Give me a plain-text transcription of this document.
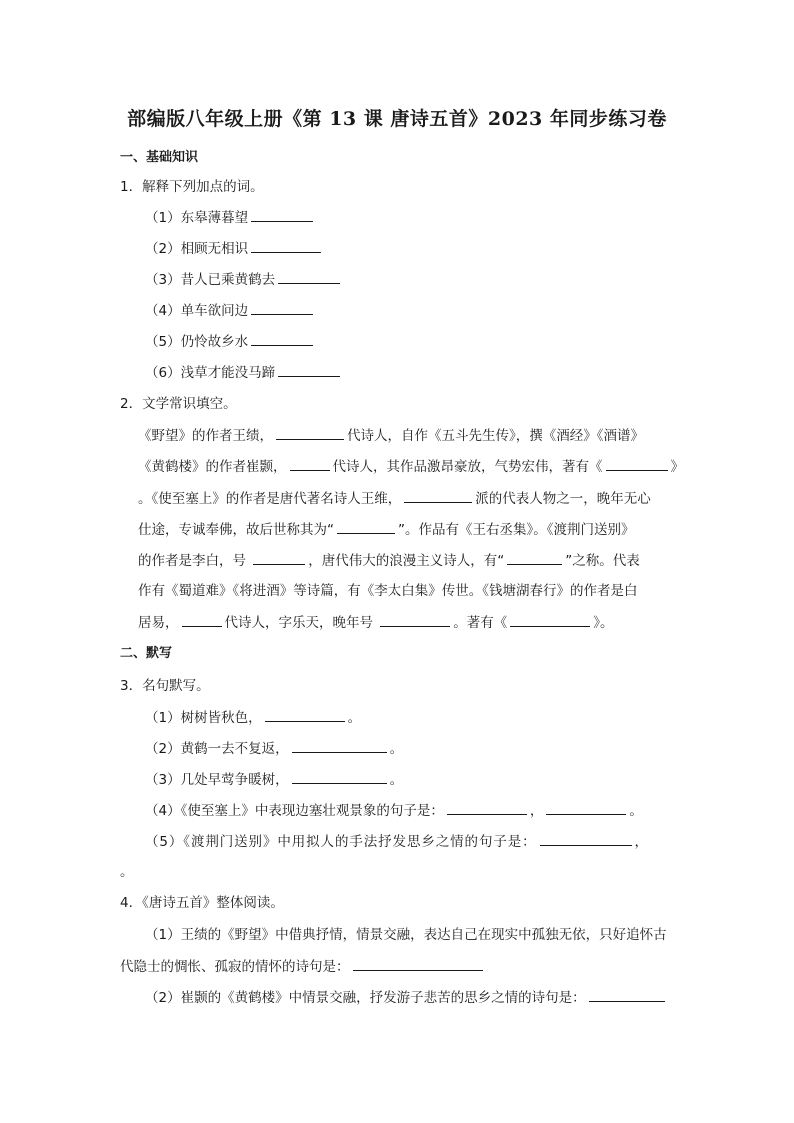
部编版八年级上册《第 13 课 唐诗五首》2023 年同步练习卷
一、基础知识
1．解释下列加点的词。
（1）东皋薄暮望
（2）相顾无相识
（3）昔人已乘黄鹤去
（4）单车欲问边
（5）仍怜故乡水
（6）浅草才能没马蹄
2．文学常识填空。
《野望》的作者王绩，	代诗人，自作《五斗先生传》，撰《酒经》《酒谱》
《黄鹤楼》的作者崔颢，	代诗人，其作品激昂豪放，气势宏伟，著有《	》
。《使至塞上》的作者是唐代著名诗人王维，	派的代表人物之一，晚年无心
仕途，专诚奉佛，故后世称其为“	”。作品有《王右丞集》。《渡荆门送别》
的作者是李白，号	，唐代伟大的浪漫主义诗人，有“	”之称。代表
作有《蜀道难》《将进酒》等诗篇，有《李太白集》传世。《钱塘湖春行》的作者是白
居易，	代诗人，字乐天，晚年号	。著有《	》。
二、默写
3．名句默写。
（1）树树皆秋色，	。
（2）黄鹤一去不复返，	。
（3）几处早莺争暖树，	。
（4）《使至塞上》中表现边塞壮观景象的句子是：	，	。
（5）《渡荆门送别》中用拟人的手法抒发思乡之情的句子是：	，
。
4．《唐诗五首》整体阅读。
（1）王绩的《野望》中借典抒情，情景交融，表达自己在现实中孤独无依，只好追怀古
代隐士的惆怅、孤寂的情怀的诗句是：
（2）崔颢的《黄鹤楼》中情景交融，抒发游子悲苦的思乡之情的诗句是：
